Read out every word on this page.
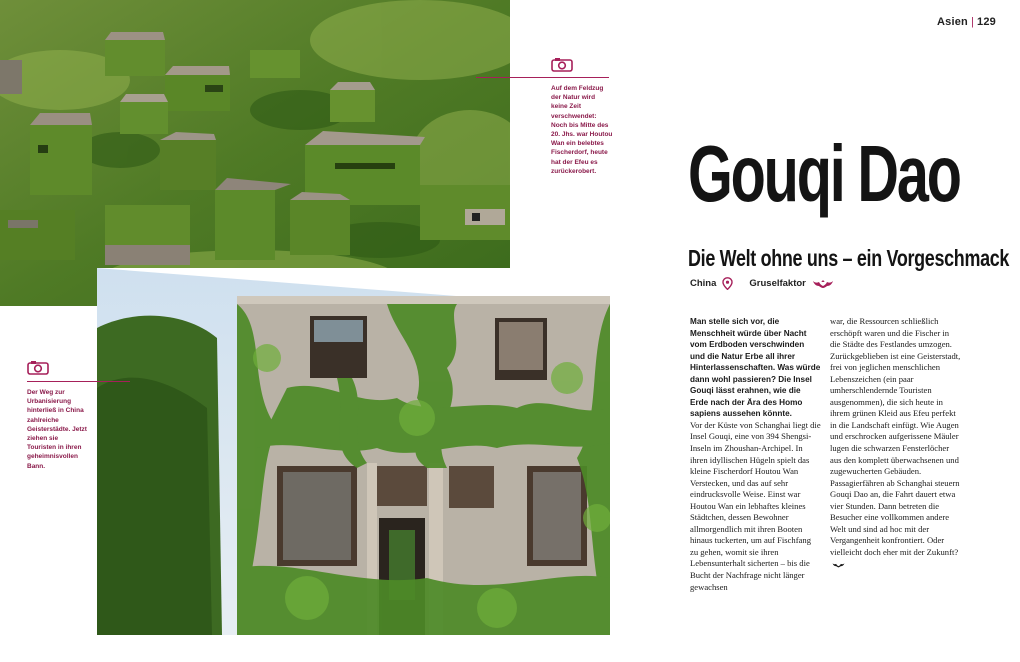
Auf dem Feldzug der Natur wird keine Zeit verschwendet: Noch bis Mitte des 20. Jhs. war Houtou Wan ein belebtes Fischerdorf, heute hat der Efeu es zurückerobert.
Der Weg zur Urbanisierung hinterließ in China zahlreiche Geisterstädte. Jetzt ziehen sie Touristen in ihren geheimnisvollen Bann.
Asien | 129
Gouqi Dao
Die Welt ohne uns – ein Vorgeschmack
China	Gruselfaktor

Man stelle sich vor, die Menschheit würde über Nacht vom Erdboden verschwinden und die Natur Erbe all ihrer Hinterlassenschaften. Was würde dann wohl passieren? Die Insel Gouqi lässt erahnen, wie die Erde nach der Ära des Homo sapiens aussehen könnte.

Vor der Küste von Schanghai liegt die Insel Gouqi, eine von 394 Shengsi-Inseln im Zhoushan-Archipel. In ihren idyllischen Hügeln spielt das kleine Fischerdorf Houtou Wan Verstecken, und das auf sehr eindrucksvolle Weise. Einst war Houtou Wan ein lebhaftes kleines Städtchen, dessen Bewohner allmorgendlich mit ihren Booten hinaus tuckerten, um auf Fischfang zu gehen, womit sie ihren Lebensunterhalt sicherten – bis die Bucht der Nachfrage nicht länger gewachsen

war, die Ressourcen schließlich erschöpft waren und die Fischer in die Städte des Festlandes umzogen. Zurückgeblieben ist eine Geisterstadt, frei von jeglichen menschlichen Lebenszeichen (ein paar umherschlendernde Touristen ausgenommen), die sich heute in ihrem grünen Kleid aus Efeu perfekt in die Landschaft einfügt. Wie Augen und erschrocken aufgerissene Mäuler lugen die schwarzen Fensterlöcher aus den komplett überwachsenen und zugewucherten Gebäuden. Passagierfähren ab Schanghai steuern Gouqi Dao an, die Fahrt dauert etwa vier Stunden. Dann betreten die Besucher eine vollkommen andere Welt und sind ad hoc mit der Vergangenheit konfrontiert. Oder vielleicht doch eher mit der Zukunft?
